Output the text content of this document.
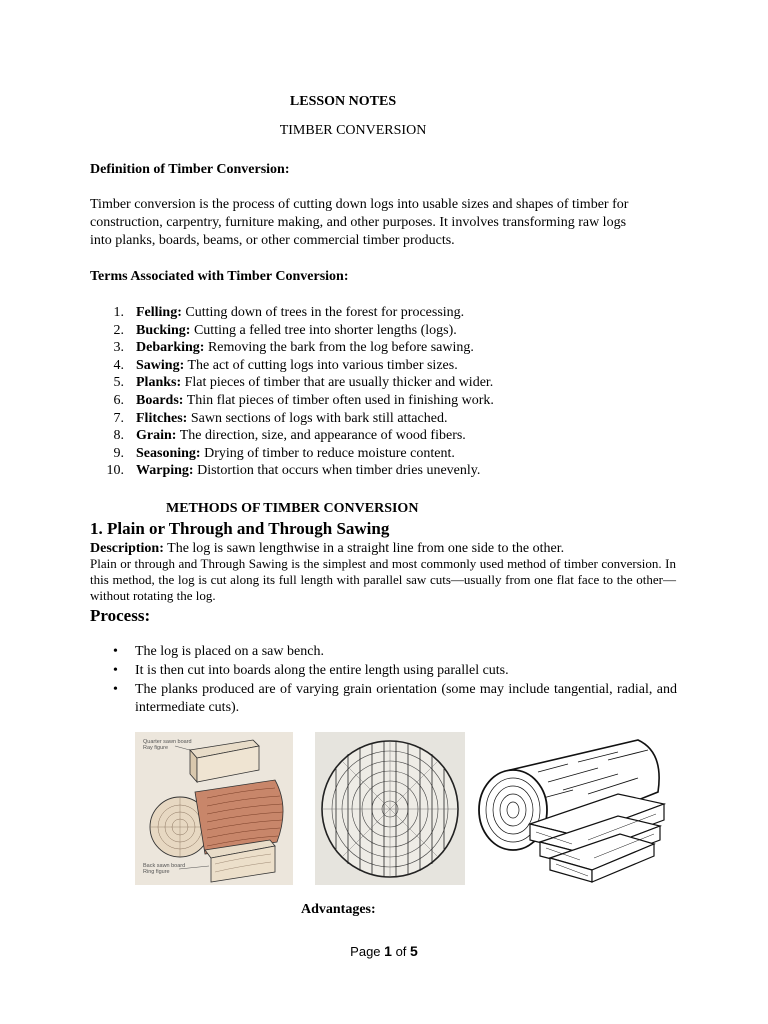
LESSON NOTES
TIMBER CONVERSION
Definition of Timber Conversion:
Timber conversion is the process of cutting down logs into usable sizes and shapes of timber for
construction, carpentry, furniture making, and other purposes. It involves transforming raw logs
into planks, boards, beams, or other commercial timber products.
Terms Associated with Timber Conversion:
1. Felling: Cutting down of trees in the forest for processing.
2. Bucking: Cutting a felled tree into shorter lengths (logs).
3. Debarking: Removing the bark from the log before sawing.
4. Sawing: The act of cutting logs into various timber sizes.
5. Planks: Flat pieces of timber that are usually thicker and wider.
6. Boards: Thin flat pieces of timber often used in finishing work.
7. Flitches: Sawn sections of logs with bark still attached.
8. Grain: The direction, size, and appearance of wood fibers.
9. Seasoning: Drying of timber to reduce moisture content.
10. Warping: Distortion that occurs when timber dries unevenly.
METHODS OF TIMBER CONVERSION
1. Plain or Through and Through Sawing
Description: The log is sawn lengthwise in a straight line from one side to the other.
Plain or through and Through Sawing is the simplest and most commonly used method of timber conversion. In this method, the log is cut along its full length with parallel saw cuts—usually from one flat face to the other—without rotating the log.
Process:
• The log is placed on a saw bench.
• It is then cut into boards along the entire length using parallel cuts.
• The planks produced are of varying grain orientation (some may include tangential, radial, and intermediate cuts).
Quarter sawn board
Ray figure
Back sawn board
Ring figure
Advantages:
Page 1 of 5
